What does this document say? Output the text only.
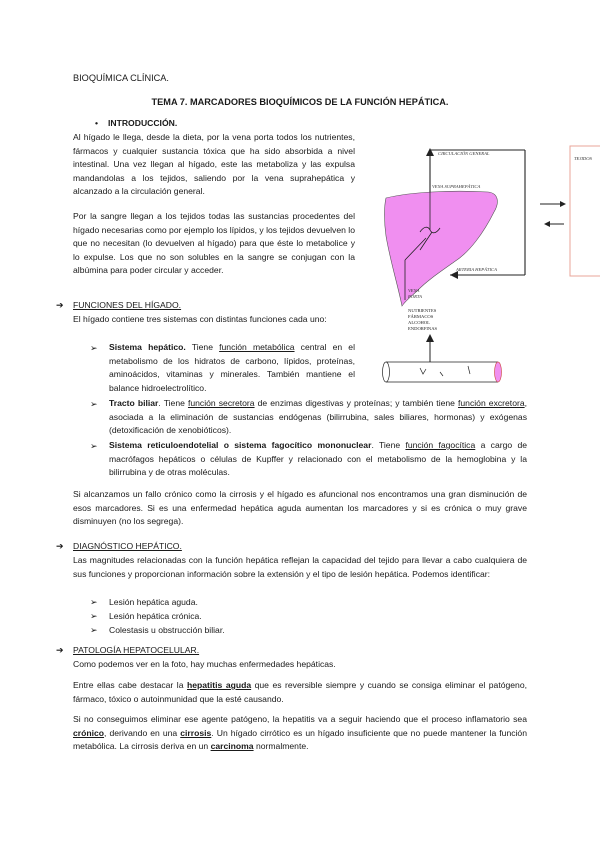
BIOQUÍMICA CLÍNICA.
TEMA 7. MARCADORES BIOQUÍMICOS DE LA FUNCIÓN HEPÁTICA.
• INTRODUCCIÓN.

Al hígado le llega, desde la dieta, por la vena porta todos los nutrientes, fármacos y cualquier sustancia tóxica que ha sido absorbida a nivel intestinal. Una vez llegan al hígado, este las metaboliza y las expulsa mandandolas a los tejidos, saliendo por la vena suprahepática y alcanzado a la circulación general.

Por la sangre llegan a los tejidos todas las sustancias procedentes del hígado necesarias como por ejemplo los lípidos, y los tejidos devuelven lo que no necesitan (lo devuelven al hígado) para que éste lo metabolice y lo expulse. Los que no son solubles en la sangre se conjugan con la albúmina para poder circular y acceder.

CIRCULACIÓN GENERAL
VENA SUPRAHEPÁTICA
ARTERIA HEPÁTICA
VENA
PORTA
NUTRIENTES
FÁRMACOS
ALCOHOL
ENDORFINAS
TEJIDOS
➔ FUNCIONES DEL HÍGADO.

El hígado contiene tres sistemas con distintas funciones cada uno:

➢ Sistema hepático. Tiene función metabólica central en el metabolismo de los hidratos de carbono, lípidos, proteínas, aminoácidos, vitaminas y minerales. También mantiene el balance hidroelectrolítico.

➢ Tracto biliar. Tiene función secretora de enzimas digestivas y proteínas; y también tiene función excretora, asociada a la eliminación de sustancias endógenas (bilirrubina, sales biliares, hormonas) y exógenas (detoxificación de xenobióticos).

➢ Sistema reticuloendotelial o sistema fagocítico mononuclear. Tiene función fagocítica a cargo de macrófagos hepáticos o células de Kupffer y relacionado con el metabolismo de la hemoglobina y la bilirrubina y de otras moléculas.

Si alcanzamos un fallo crónico como la cirrosis y el hígado es afuncional nos encontramos una gran disminución de esos marcadores. Si es una enfermedad hepática aguda aumentan los marcadores y si es crónica o muy grave disminuyen (no los segrega).

➔ DIAGNÓSTICO HEPÁTICO.

Las magnitudes relacionadas con la función hepática reflejan la capacidad del tejido para llevar a cabo cualquiera de sus funciones y proporcionan información sobre la extensión y el tipo de lesión hepática. Podemos identificar:

➢ Lesión hepática aguda.
➢ Lesión hepática crónica.
➢ Colestasis u obstrucción biliar.
➔ PATOLOGÍA HEPATOCELULAR.

Como podemos ver en la foto, hay muchas enfermedades hepáticas.

Entre ellas cabe destacar la hepatitis aguda que es reversible siempre y cuando se consiga eliminar el patógeno, fármaco, tóxico o autoinmunidad que la esté causando.

Si no conseguimos eliminar ese agente patógeno, la hepatitis va a seguir haciendo que el proceso inflamatorio sea crónico, derivando en una cirrosis. Un hígado cirrótico es un hígado insuficiente que no puede mantener la función metabólica. La cirrosis deriva en un carcinoma normalmente.
